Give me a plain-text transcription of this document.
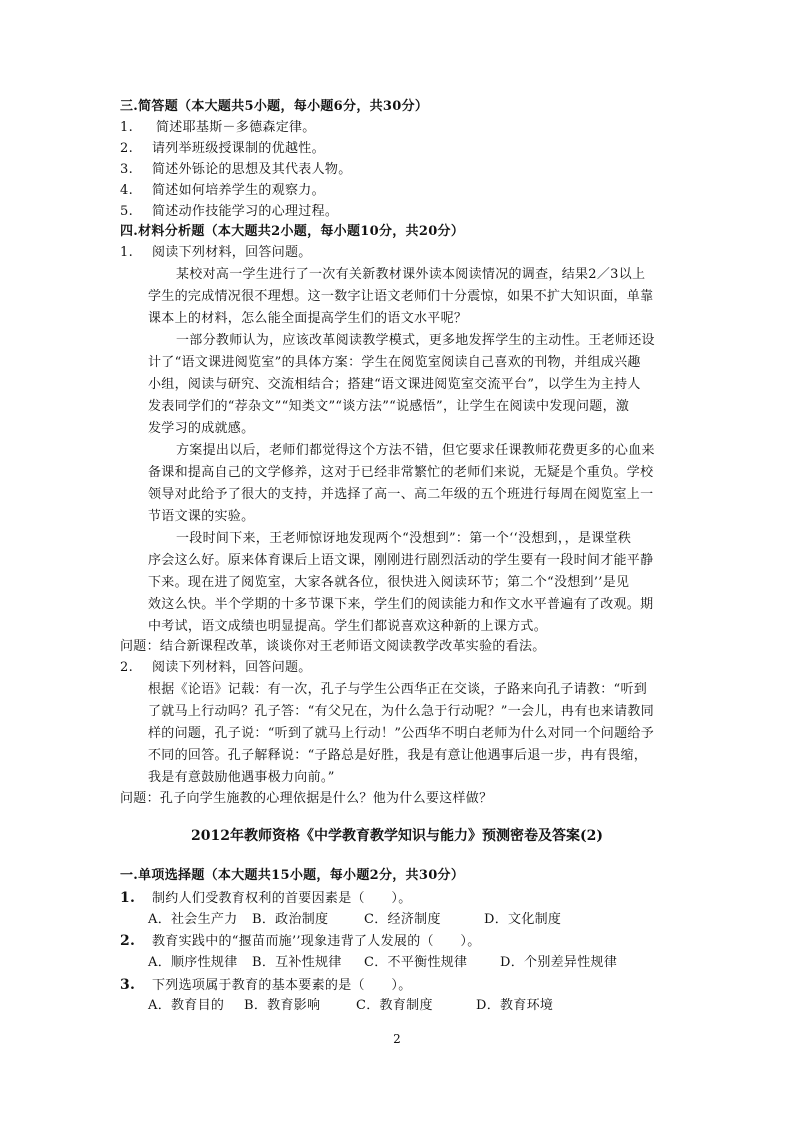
三.简答题（本大题共5小题，每小题6分，共30分）
1. 简述耶基斯－多德森定律。
2. 请列举班级授课制的优越性。
3. 简述外铄论的思想及其代表人物。
4. 简述如何培养学生的观察力。
5. 简述动作技能学习的心理过程。
四.材料分析题（本大题共2小题，每小题10分，共20分）
1. 阅读下列材料，回答问题。
某校对高一学生进行了一次有关新教材课外读本阅读情况的调查，结果2／3以上
学生的完成情况很不理想。这一数字让语文老师们十分震惊，如果不扩大知识面，单靠
课本上的材料，怎么能全面提高学生们的语文水平呢？
一部分教师认为，应该改革阅读教学模式，更多地发挥学生的主动性。王老师还设
计了“语文课进阅览室”的具体方案：学生在阅览室阅读自己喜欢的刊物，并组成兴趣
小组，阅读与研究、交流相结合；搭建“语文课进阅览室交流平台”，以学生为主持人
发表同学们的“荐杂文”“知类文”“谈方法”“说感悟”，让学生在阅读中发现问题，激
发学习的成就感。
方案提出以后，老师们都觉得这个方法不错，但它要求任课教师花费更多的心血来
备课和提高自己的文学修养，这对于已经非常繁忙的老师们来说，无疑是个重负。学校
领导对此给予了很大的支持，并选择了高一、高二年级的五个班进行每周在阅览室上一
节语文课的实验。
一段时间下来，王老师惊讶地发现两个“没想到”：第一个‘‘没想到，，是课堂秩
序会这么好。原来体育课后上语文课，刚刚进行剧烈活动的学生要有一段时间才能平静
下来。现在进了阅览室，大家各就各位，很快进入阅读环节；第二个“没想到’’是见
效这么快。半个学期的十多节课下来，学生们的阅读能力和作文水平普遍有了改观。期
中考试，语文成绩也明显提高。学生们都说喜欢这种新的上课方式。
问题：结合新课程改革，谈谈你对王老师语文阅读教学改革实验的看法。
2. 阅读下列材料，回答问题。
根据《论语》记载：有一次，孔子与学生公西华正在交谈，子路来向孔子请教：“听到
了就马上行动吗？孔子答：“有父兄在，为什么急于行动呢？”一会儿，冉有也来请教同
样的问题，孔子说：“听到了就马上行动！”公西华不明白老师为什么对同一个问题给予
不同的回答。孔子解释说：“子路总是好胜，我是有意让他遇事后退一步，冉有畏缩，
我是有意鼓励他遇事极力向前。”
问题：孔子向学生施教的心理依据是什么？他为什么要这样做？
2012年教师资格《中学教育教学知识与能力》预测密卷及答案(2)
一.单项选择题（本大题共15小题，每小题2分，共30分）
1. 制约人们受教育权利的首要因素是（　　）。
A．社会生产力 B．政治制度	C．经济制度	D．文化制度
2. 教育实践中的“揠苗而施’’现象违背了人发展的（　　）。
A．顺序性规律 B．互补性规律 C．不平衡性规律	D．个别差异性规律
3. 下列选项属于教育的基本要素的是（　　）。
A．教育目的 B．教育影响	C．教育制度	D．教育环境
2
